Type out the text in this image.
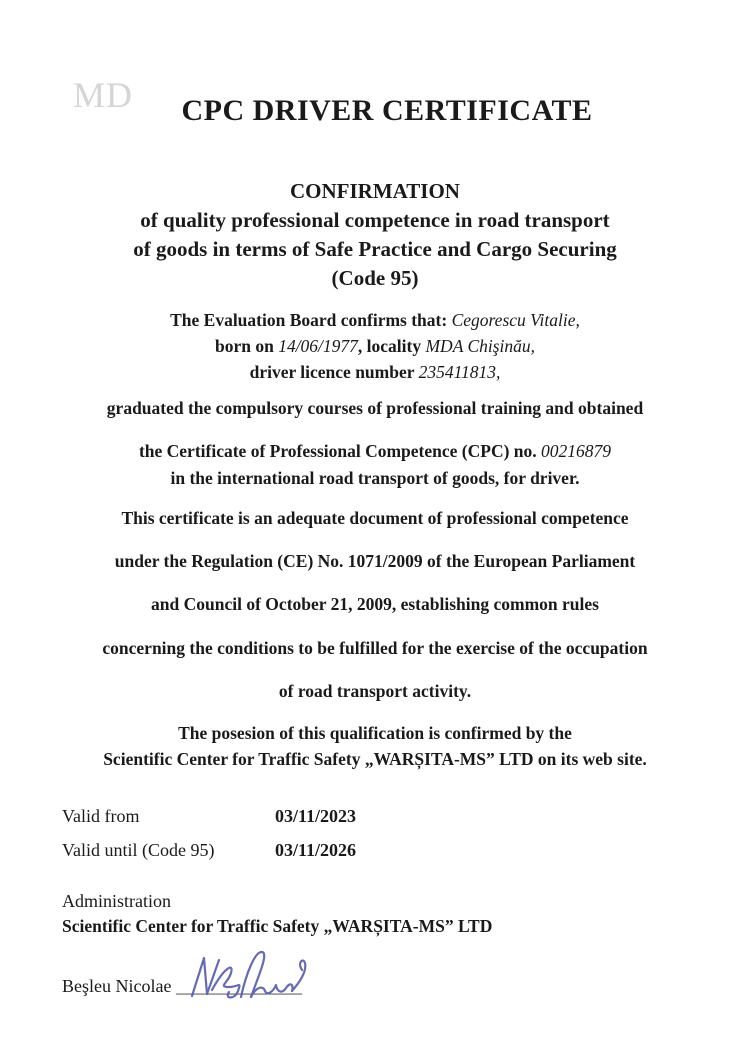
MD	CPC DRIVER CERTIFICATE
CONFIRMATION
of quality professional competence in road transport
of goods in terms of Safe Practice and Cargo Securing
(Code 95)
The Evaluation Board confirms that: Cegorescu Vitalie,
born on 14/06/1977, locality MDA Chişinău,
driver licence number 235411813,
graduated the compulsory courses of professional training and obtained
the Certificate of Professional Competence (CPC) no. 00216879
in the international road transport of goods, for driver.
This certificate is an adequate document of professional competence
under the Regulation (CE) No. 1071/2009 of the European Parliament
and Council of October 21, 2009, establishing common rules
concerning the conditions to be fulfilled for the exercise of the occupation
of road transport activity.
The posesion of this qualification is confirmed by the
Scientific Center for Traffic Safety „WARȘITA-MS” LTD on its web site.
Valid from	03/11/2023
Valid until (Code 95)	03/11/2026
Administration
Scientific Center for Traffic Safety „WARȘITA-MS” LTD
Beşleu Nicolae ______________
